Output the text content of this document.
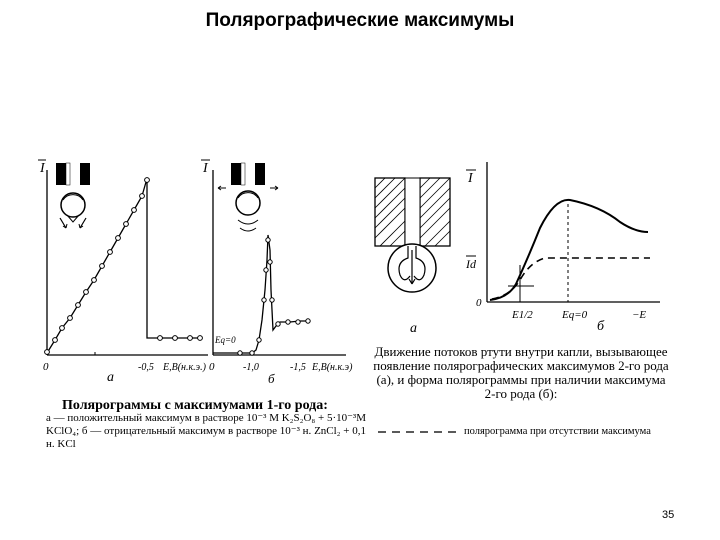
Полярографические максимумы
I
0	-0,5 E,B(н.к.э.)
а
I
Eq=0
0	-1,0	-1,5 E,B(н.к.э)
б
а
I
Id
0
E1/2	Eq=0	−E
б
Полярограммы с максимумами 1-го рода:
а — положительный максимум в растворе 10⁻³ М K₂S₂O₈ + 5·10⁻³М KClO₄; б — отрицательный максимум в растворе 10⁻³ н. ZnCl₂ + 0,1 н. KCl
Движение потоков ртути внутри капли, вызывающее появление полярографических максимумов 2-го рода (а), и форма полярограммы при наличии максимума 2-го рода (б):
полярограмма при отсутствии максимума
35
